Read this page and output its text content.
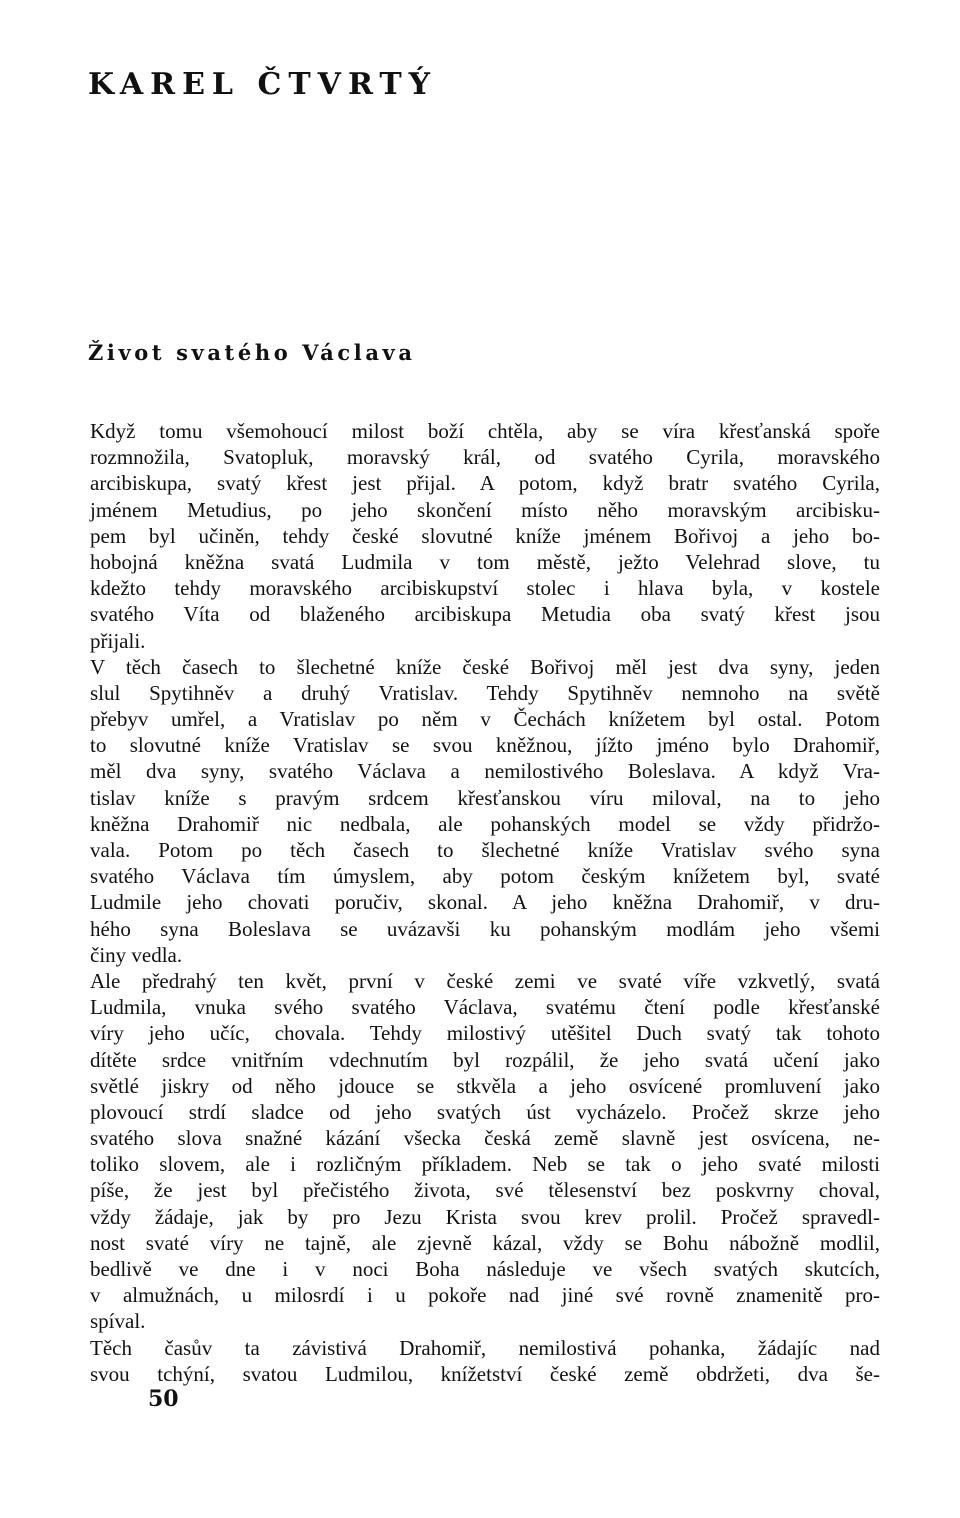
KAREL ČTVRTÝ
Život svatého Václava
Když tomu všemohoucí milost boží chtěla, aby se víra křesťanská spoře
rozmnožila, Svatopluk, moravský král, od svatého Cyrila, moravského
arcibiskupa, svatý křest jest přijal. A potom, když bratr svatého Cyrila,
jménem Metudius, po jeho skončení místo něho moravským arcibisku-
pem byl učiněn, tehdy české slovutné kníže jménem Bořivoj a jeho bo-
hobojná kněžna svatá Ludmila v tom městě, ježto Velehrad slove, tu
kdežto tehdy moravského arcibiskupství stolec i hlava byla, v kostele
svatého Víta od blaženého arcibiskupa Metudia oba svatý křest jsou
přijali.
V těch časech to šlechetné kníže české Bořivoj měl jest dva syny, jeden
slul Spytihněv a druhý Vratislav. Tehdy Spytihněv nemnoho na světě
přebyv umřel, a Vratislav po něm v Čechách knížetem byl ostal. Potom
to slovutné kníže Vratislav se svou kněžnou, jížto jméno bylo Drahomiř,
měl dva syny, svatého Václava a nemilostivého Boleslava. A když Vra-
tislav kníže s pravým srdcem křesťanskou víru miloval, na to jeho
kněžna Drahomiř nic nedbala, ale pohanských model se vždy přidržo-
vala. Potom po těch časech to šlechetné kníže Vratislav svého syna
svatého Václava tím úmyslem, aby potom českým knížetem byl, svaté
Ludmile jeho chovati poručiv, skonal. A jeho kněžna Drahomiř, v dru-
hého syna Boleslava se uvázavši ku pohanským modlám jeho všemi
činy vedla.
Ale předrahý ten květ, první v české zemi ve svaté víře vzkvetlý, svatá
Ludmila, vnuka svého svatého Václava, svatému čtení podle křesťanské
víry jeho učíc, chovala. Tehdy milostivý utěšitel Duch svatý tak tohoto
dítěte srdce vnitřním vdechnutím byl rozpálil, že jeho svatá učení jako
světlé jiskry od něho jdouce se stkvěla a jeho osvícené promluvení jako
plovoucí strdí sladce od jeho svatých úst vycházelo. Pročež skrze jeho
svatého slova snažné kázání všecka česká země slavně jest osvícena, ne-
toliko slovem, ale i rozličným příkladem. Neb se tak o jeho svaté milosti
píše, že jest byl přečistého života, své tělesenství bez poskvrny choval,
vždy žádaje, jak by pro Jezu Krista svou krev prolil. Pročež spravedl-
nost svaté víry ne tajně, ale zjevně kázal, vždy se Bohu nábožně modlil,
bedlivě ve dne i v noci Boha následuje ve všech svatých skutcích,
v almužnách, u milosrdí i u pokoře nad jiné své rovně znamenitě pro-
spíval.
Těch časův ta závistivá Drahomiř, nemilostivá pohanka, žádajíc nad
svou tchýní, svatou Ludmilou, knížetství české země obdržeti, dva še-
50
